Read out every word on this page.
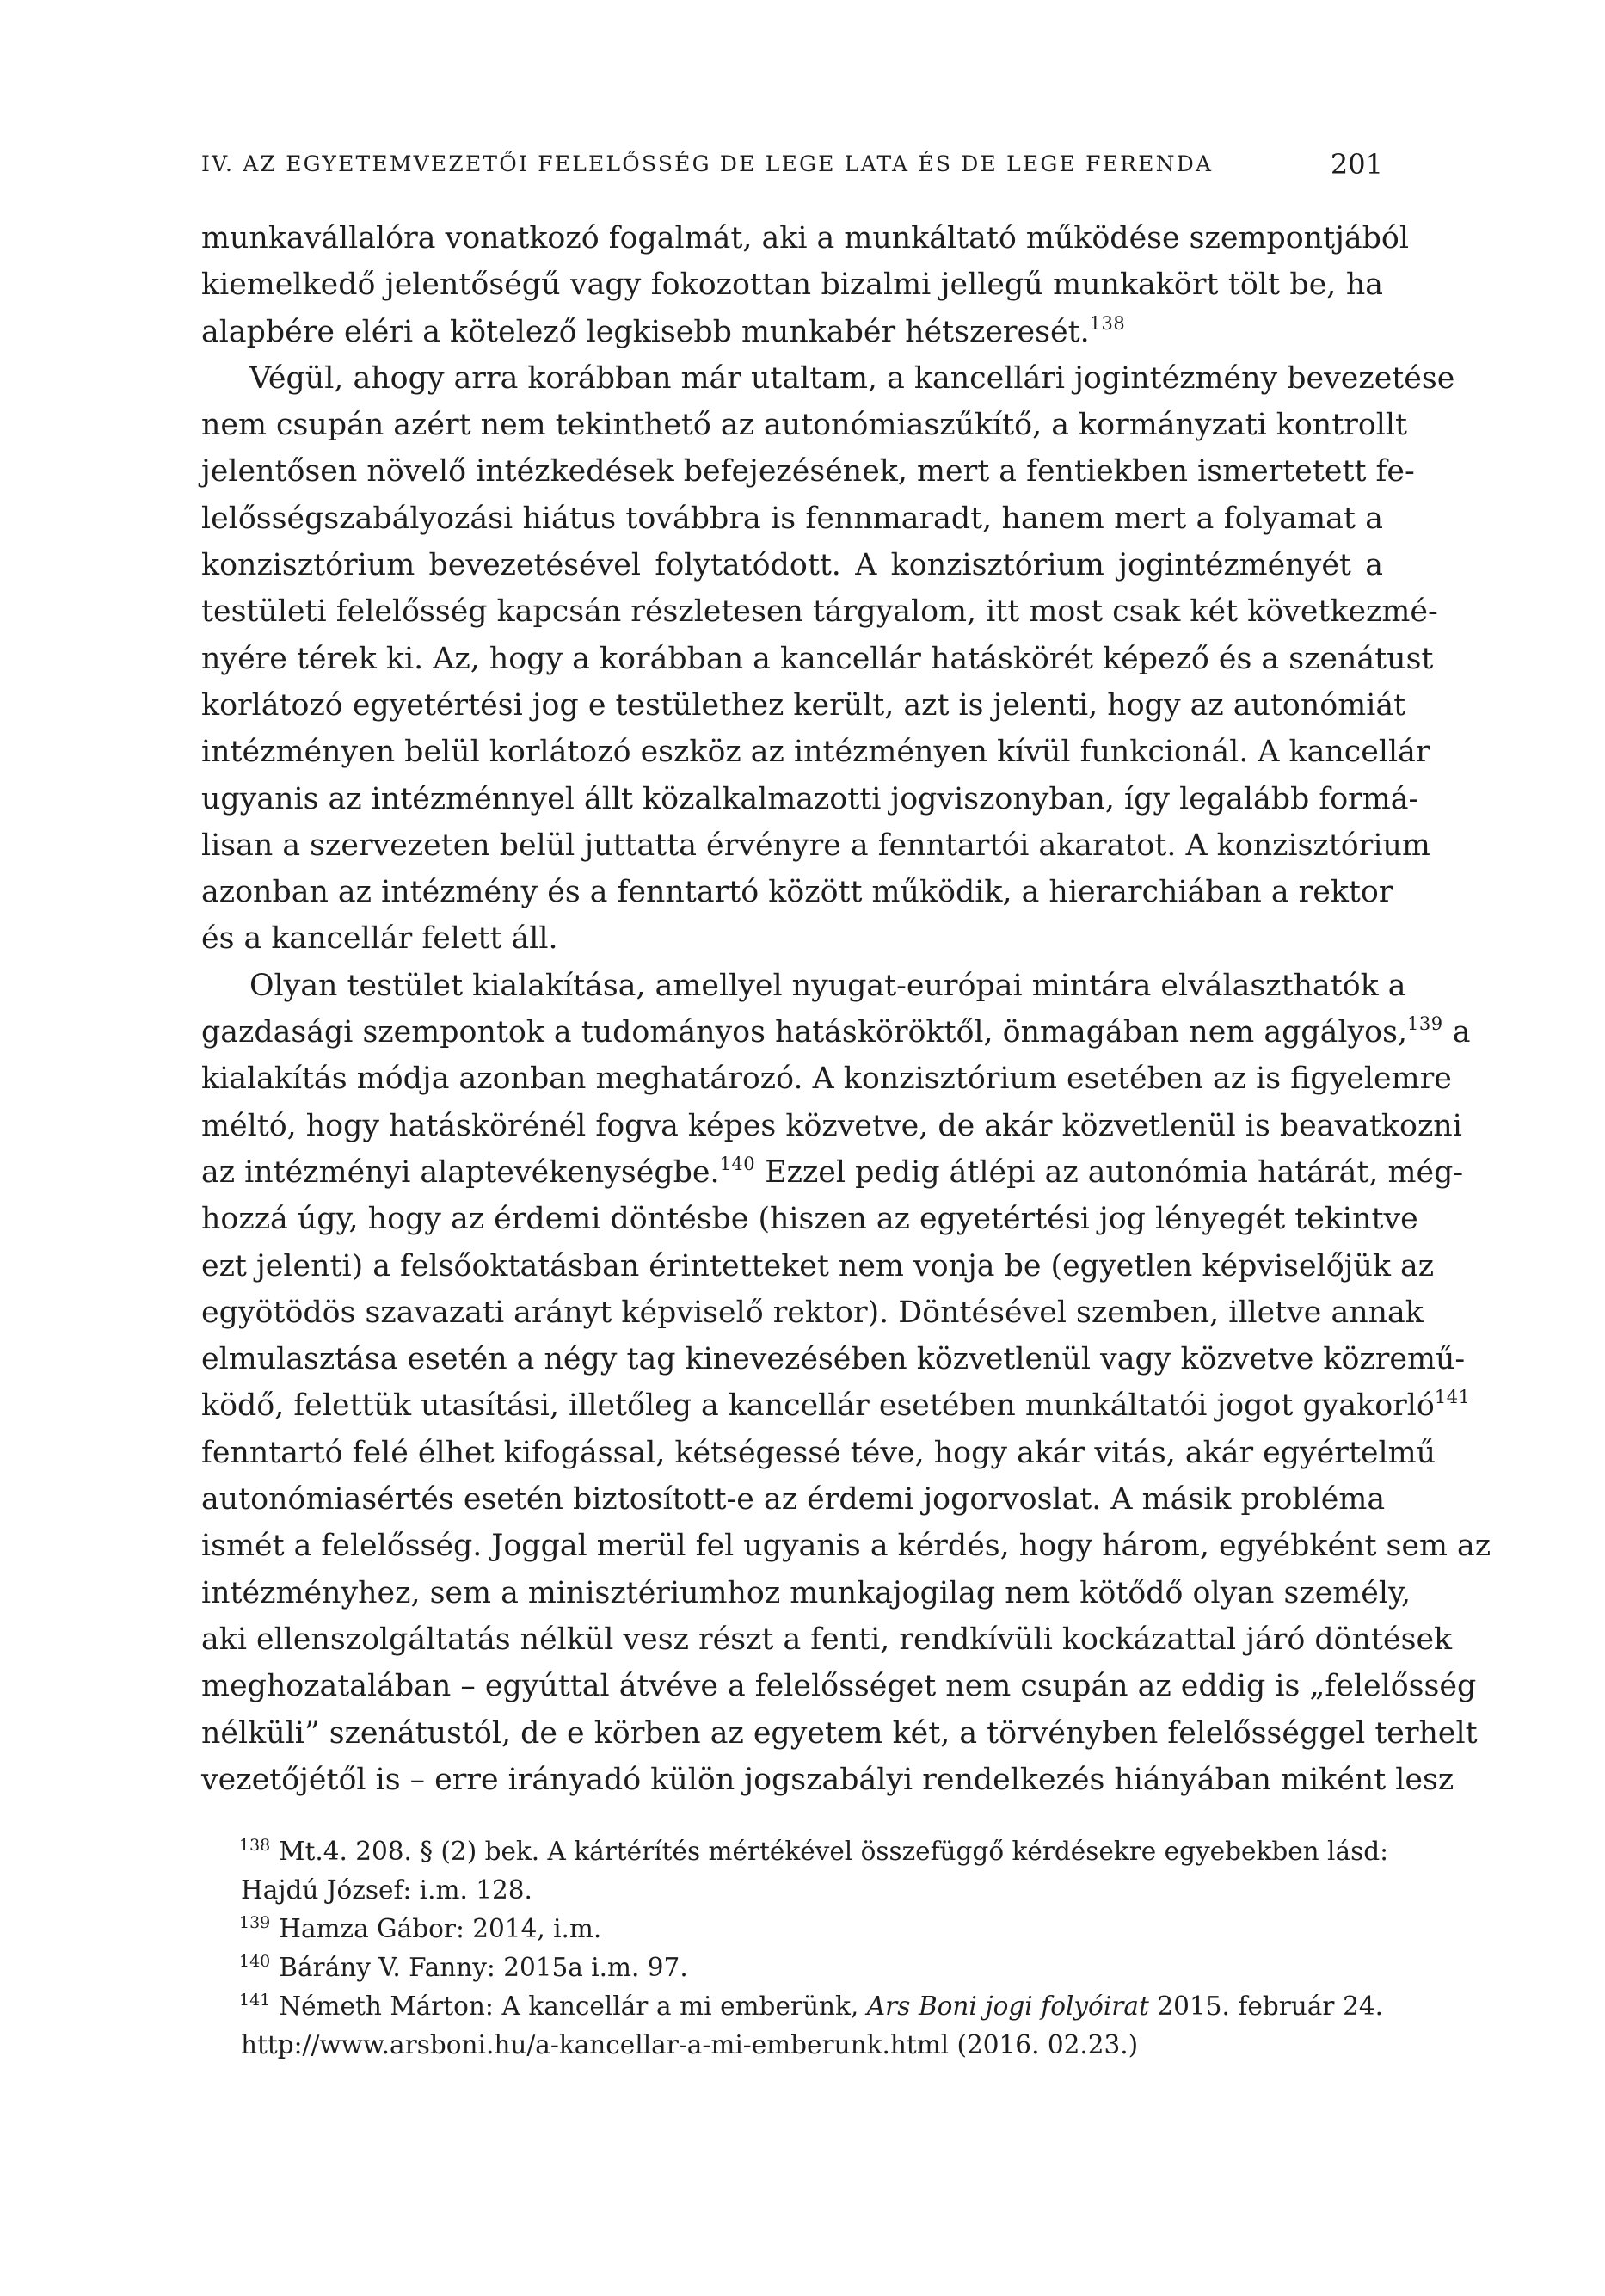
IV. AZ EGYETEMVEZETŐI FELELŐSSÉG DE LEGE LATA ÉS DE LEGE FERENDA	201
munkavállalóra vonatkozó fogalmát, aki a munkáltató működése szempontjából
kiemelkedő jelentőségű vagy fokozottan bizalmi jellegű munkakört tölt be, ha
alapbére eléri a kötelező legkisebb munkabér hétszeresét.$^{138}$
Végül, ahogy arra korábban már utaltam, a kancellári jogintézmény bevezetése
nem csupán azért nem tekinthető az autonómiaszűkítő, a kormányzati kontrollt
jelentősen növelő intézkedések befejezésének, mert a fentiekben ismertetett fe-
lelősségszabályozási hiátus továbbra is fennmaradt, hanem mert a folyamat a
konzisztórium bevezetésével folytatódott. A konzisztórium jogintézményét a
testületi felelősség kapcsán részletesen tárgyalom, itt most csak két következmé-
nyére térek ki. Az, hogy a korábban a kancellár hatáskörét képező és a szenátust
korlátozó egyetértési jog e testülethez került, azt is jelenti, hogy az autonómiát
intézményen belül korlátozó eszköz az intézményen kívül funkcionál. A kancellár
ugyanis az intézménnyel állt közalkalmazotti jogviszonyban, így legalább formá-
lisan a szervezeten belül juttatta érvényre a fenntartói akaratot. A konzisztórium
azonban az intézmény és a fenntartó között működik, a hierarchiában a rektor
és a kancellár felett áll.
Olyan testület kialakítása, amellyel nyugat-európai mintára elválaszthatók a
gazdasági szempontok a tudományos hatásköröktől, önmagában nem aggályos,$^{139}$ a
kialakítás módja azonban meghatározó. A konzisztórium esetében az is figyelemre
méltó, hogy hatáskörénél fogva képes közvetve, de akár közvetlenül is beavatkozni
az intézményi alaptevékenységbe.$^{140}$ Ezzel pedig átlépi az autonómia határát, még-
hozzá úgy, hogy az érdemi döntésbe (hiszen az egyetértési jog lényegét tekintve
ezt jelenti) a felsőoktatásban érintetteket nem vonja be (egyetlen képviselőjük az
egyötödös szavazati arányt képviselő rektor). Döntésével szemben, illetve annak
elmulasztása esetén a négy tag kinevezésében közvetlenül vagy közvetve közremű-
ködő, felettük utasítási, illetőleg a kancellár esetében munkáltatói jogot gyakorló$^{141}$
fenntartó felé élhet kifogással, kétségessé téve, hogy akár vitás, akár egyértelmű
autonómiasértés esetén biztosított-e az érdemi jogorvoslat. A másik probléma
ismét a felelősség. Joggal merül fel ugyanis a kérdés, hogy három, egyébként sem az
intézményhez, sem a minisztériumhoz munkajogilag nem kötődő olyan személy,
aki ellenszolgáltatás nélkül vesz részt a fenti, rendkívüli kockázattal járó döntések
meghozatalában – egyúttal átvéve a felelősséget nem csupán az eddig is „felelősség
nélküli” szenátustól, de e körben az egyetem két, a törvényben felelősséggel terhelt
vezetőjétől is – erre irányadó külön jogszabályi rendelkezés hiányában miként lesz
$^{138}$ Mt.4. 208. § (2) bek. A kártérítés mértékével összefüggő kérdésekre egyebekben lásd:
Hajdú József: i.m. 128.
$^{139}$ Hamza Gábor: 2014, i.m.
$^{140}$ Bárány V. Fanny: 2015a i.m. 97.
$^{141}$ Németh Márton: A kancellár a mi emberünk, Ars Boni jogi folyóirat 2015. február 24.
http://www.arsboni.hu/a-kancellar-a-mi-emberunk.html (2016. 02.23.)
